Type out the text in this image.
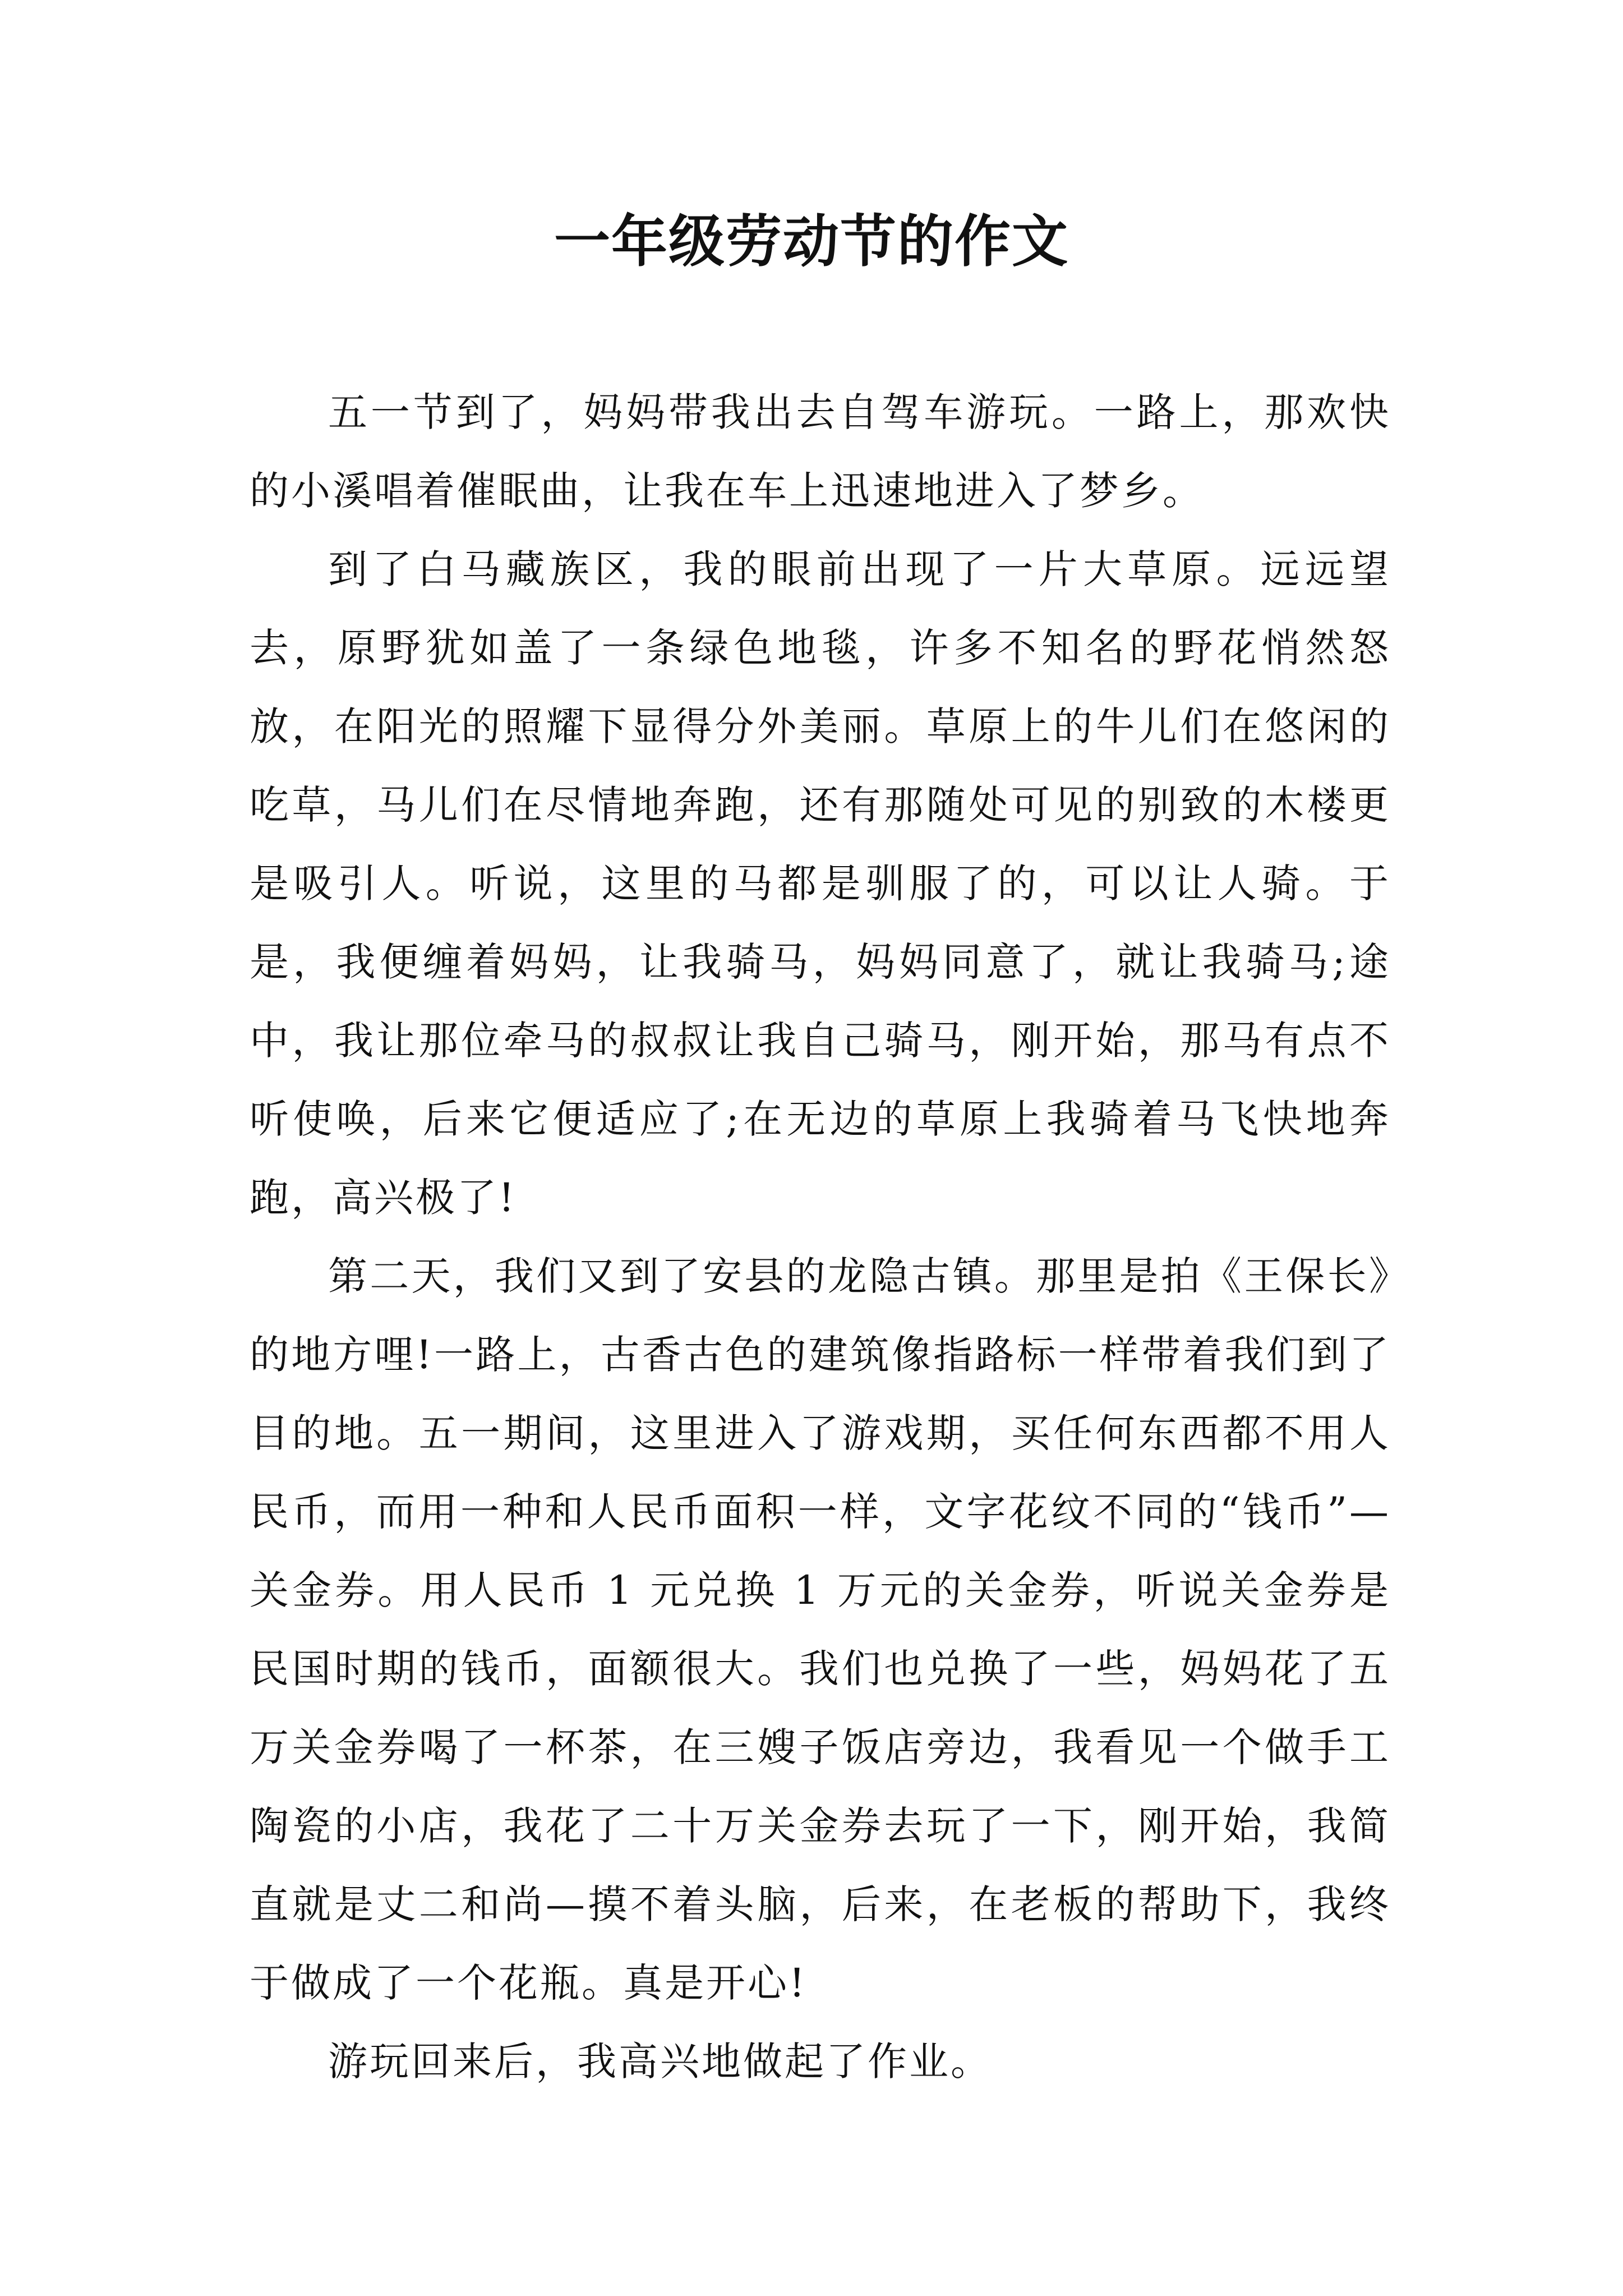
一年级劳动节的作文

五一节到了，妈妈带我出去自驾车游玩。一路上，那欢快的小溪唱着催眠曲，让我在车上迅速地进入了梦乡。

到了白马藏族区，我的眼前出现了一片大草原。远远望去，原野犹如盖了一条绿色地毯，许多不知名的野花悄然怒放，在阳光的照耀下显得分外美丽。草原上的牛儿们在悠闲的吃草，马儿们在尽情地奔跑，还有那随处可见的别致的木楼更是吸引人。听说，这里的马都是驯服了的，可以让人骑。于是，我便缠着妈妈，让我骑马，妈妈同意了，就让我骑马;途中，我让那位牵马的叔叔让我自己骑马，刚开始，那马有点不听使唤，后来它便适应了;在无边的草原上我骑着马飞快地奔跑，高兴极了!

第二天，我们又到了安县的龙隐古镇。那里是拍《王保长》的地方哩!一路上，古香古色的建筑像指路标一样带着我们到了目的地。五一期间，这里进入了游戏期，买任何东西都不用人民币，而用一种和人民币面积一样，文字花纹不同的“钱币”—关金券。用人民币 1 元兑换 1 万元的关金券，听说关金券是民国时期的钱币，面额很大。我们也兑换了一些，妈妈花了五万关金券喝了一杯茶，在三嫂子饭店旁边，我看见一个做手工陶瓷的小店，我花了二十万关金券去玩了一下，刚开始，我简直就是丈二和尚—摸不着头脑，后来，在老板的帮助下，我终于做成了一个花瓶。真是开心!

游玩回来后，我高兴地做起了作业。
